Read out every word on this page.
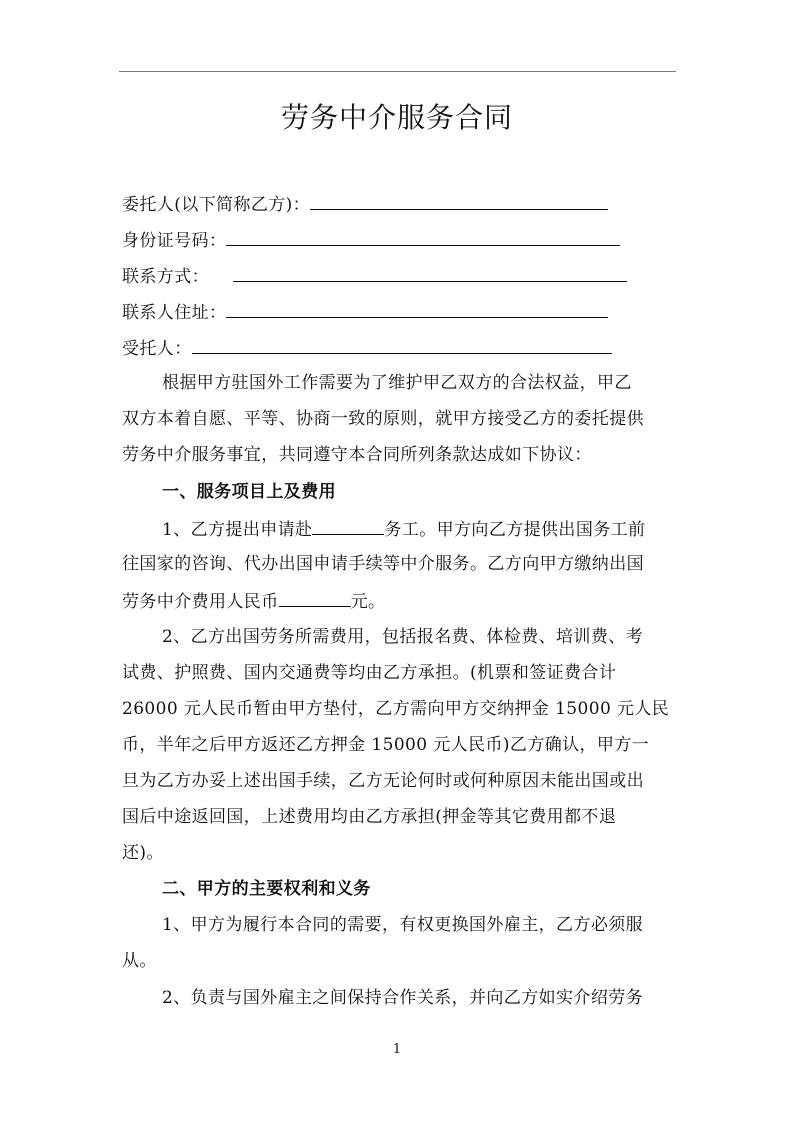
劳务中介服务合同
委托人(以下简称乙方)：
身份证号码：
联系方式：
联系人住址：
受托人：
根据甲方驻国外工作需要为了维护甲乙双方的合法权益，甲乙
双方本着自愿、平等、协商一致的原则，就甲方接受乙方的委托提供
劳务中介服务事宜，共同遵守本合同所列条款达成如下协议：
一、服务项目上及费用
1、乙方提出申请赴	务工。甲方向乙方提供出国务工前
往国家的咨询、代办出国申请手续等中介服务。乙方向甲方缴纳出国
劳务中介费用人民币	元。
2、乙方出国劳务所需费用，包括报名费、体检费、培训费、考
试费、护照费、国内交通费等均由乙方承担。(机票和签证费合计
26000 元人民币暂由甲方垫付，乙方需向甲方交纳押金 15000 元人民
币，半年之后甲方返还乙方押金 15000 元人民币)乙方确认，甲方一
旦为乙方办妥上述出国手续，乙方无论何时或何种原因未能出国或出
国后中途返回国，上述费用均由乙方承担(押金等其它费用都不退
还)。
二、甲方的主要权利和义务
1、甲方为履行本合同的需要，有权更换国外雇主，乙方必须服
从。
2、负责与国外雇主之间保持合作关系，并向乙方如实介绍劳务
1
